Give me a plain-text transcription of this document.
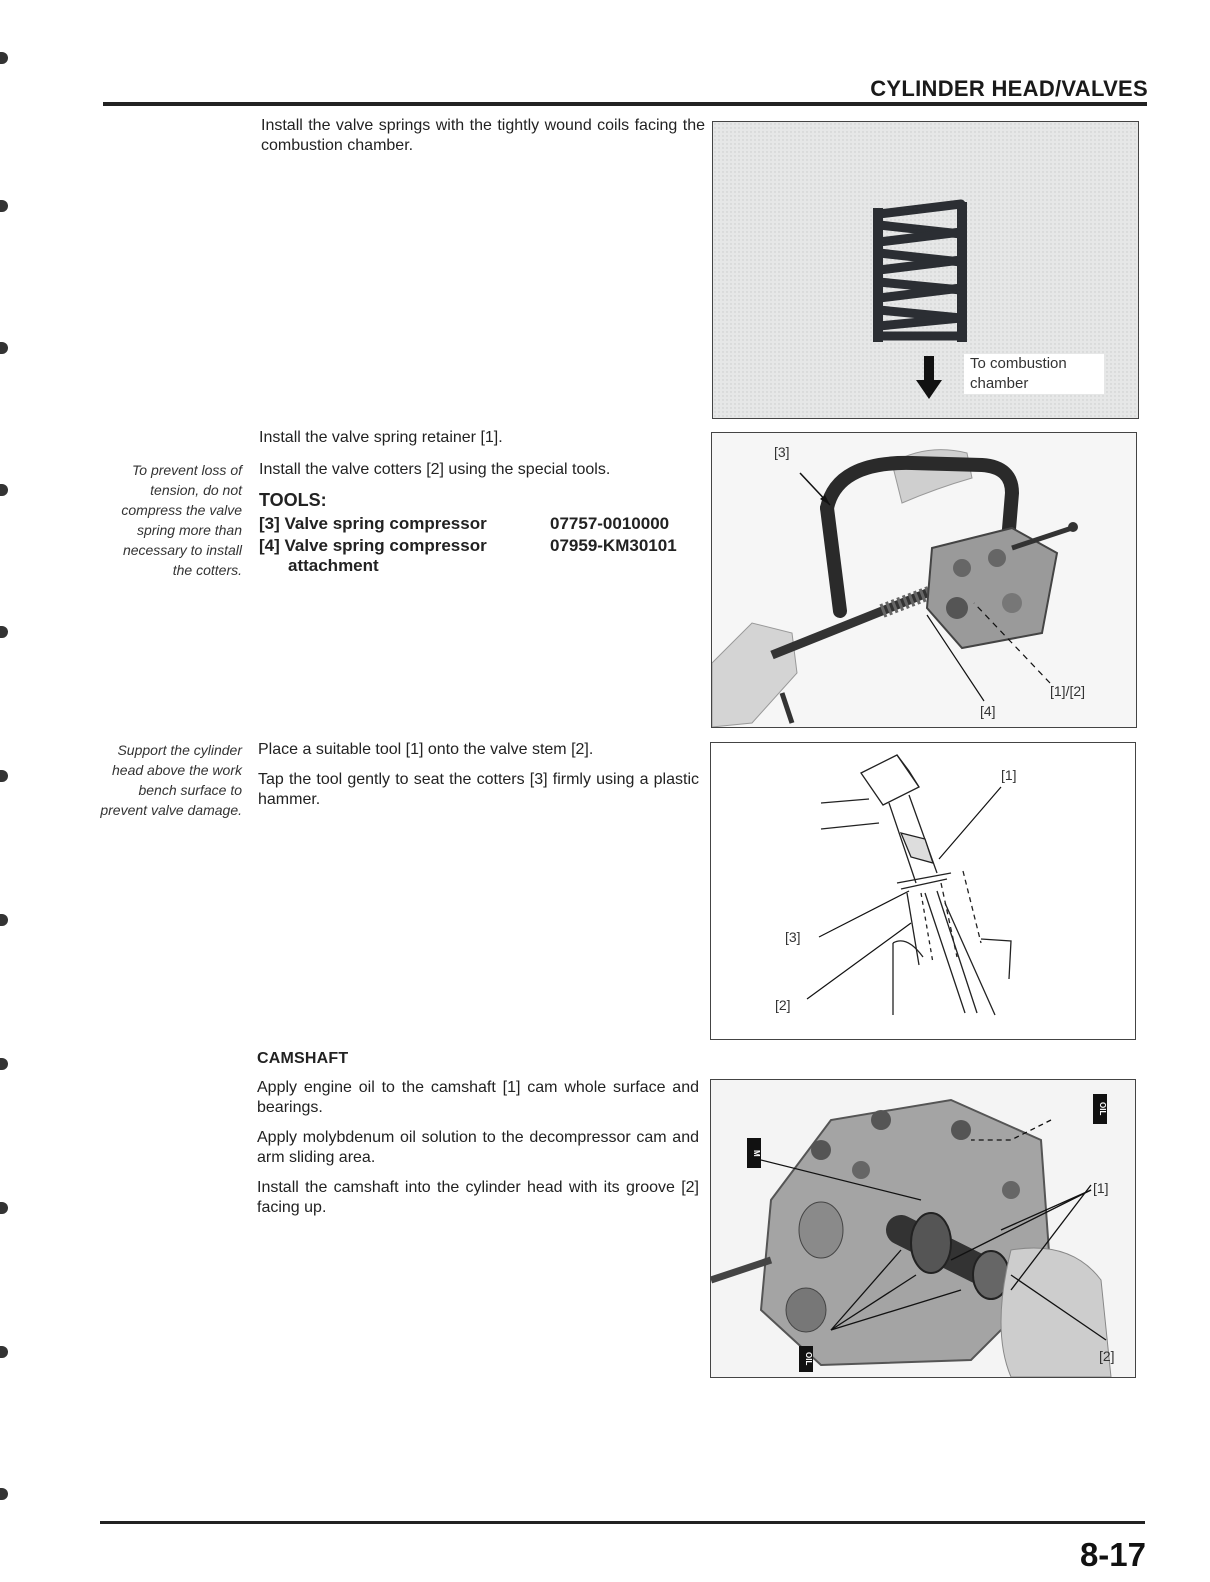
CYLINDER HEAD/VALVES
Install the valve springs with the tightly wound coils facing the combustion chamber.
To combustion chamber
Install the valve spring retainer [1].
To prevent loss of tension, do not compress the valve spring more than necessary to install the cotters.
Install the valve cotters [2] using the special tools.
TOOLS:
[3] Valve spring compressor	07757-0010000
[4] Valve spring compressor	07959-KM30101
attachment
[3]
[4]
[1]/[2]
Support the cylinder head above the work bench surface to prevent valve damage.
Place a suitable tool [1] onto the valve stem [2].
Tap the tool gently to seat the cotters [3] firmly using a plastic hammer.
[1]
[3]
[2]
CAMSHAFT
Apply engine oil to the camshaft [1] cam whole surface and bearings.
Apply molybdenum oil solution to the decompressor cam and arm sliding area.
Install the camshaft into the cylinder head with its groove [2] facing up.
OIL
M
OIL
[1]
[2]
8-17
